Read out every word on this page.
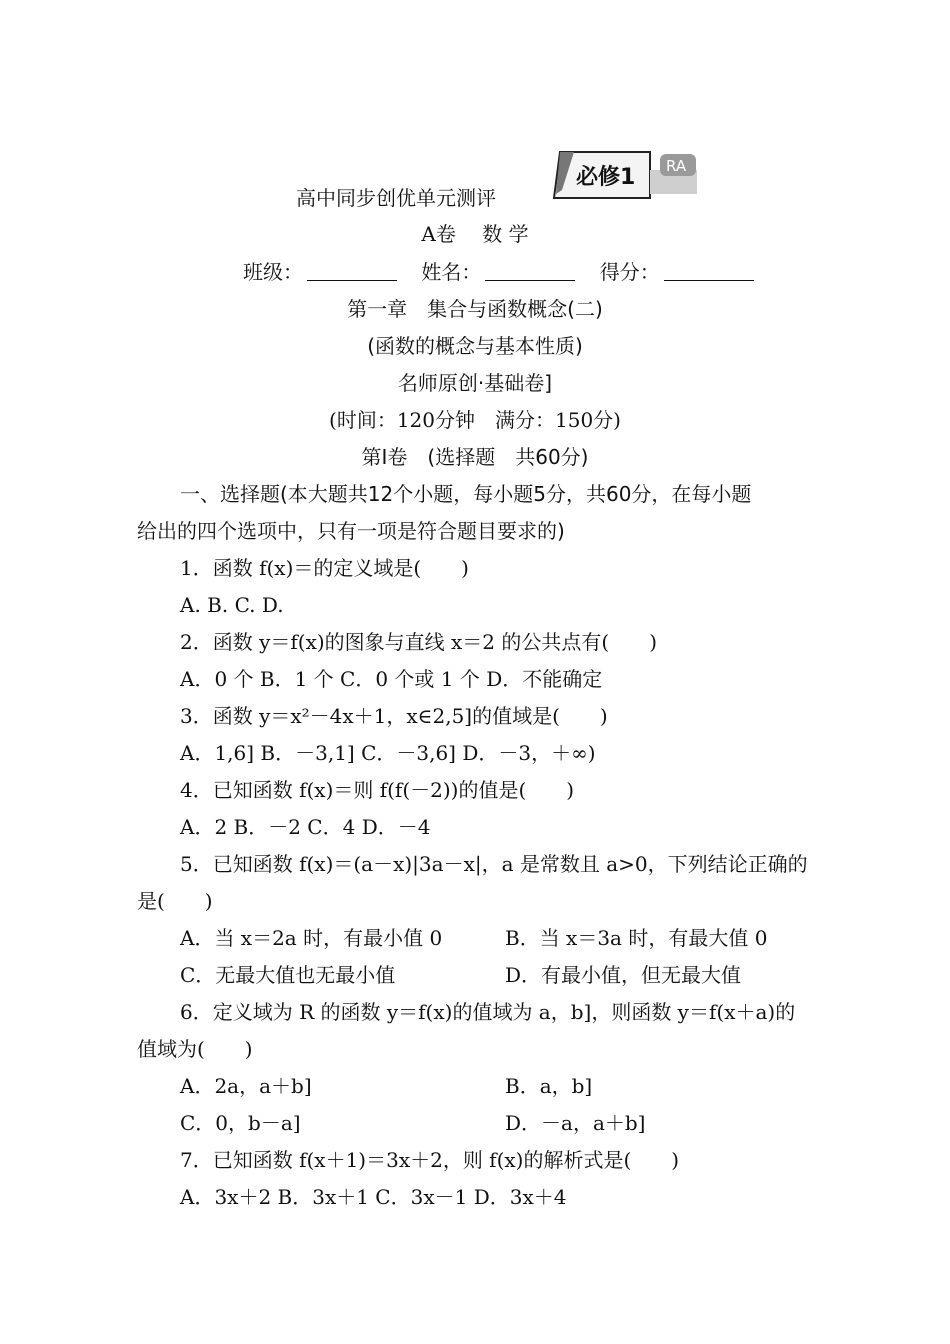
必修1 RA
高中同步创优单元测评
A卷　 数 学
班级：	姓名：	得分：
第一章　集合与函数概念(二)
(函数的概念与基本性质)
名师原创·基础卷]
(时间：120分钟　满分：150分)
第Ⅰ卷　(选择题　共60分)
一、选择题(本大题共12个小题，每小题5分，共60分，在每小题
给出的四个选项中，只有一项是符合题目要求的)
1．函数 f(x)＝的定义域是(　　)
A. B. C. D.
2．函数 y＝f(x)的图象与直线 x＝2 的公共点有(　　)
A．0 个 B．1 个 C．0 个或 1 个 D．不能确定
3．函数 y＝x²－4x＋1，x∈2,5]的值域是(　　)
A．1,6] B．－3,1] C．－3,6] D．－3，＋∞)
4．已知函数 f(x)＝则 f(f(－2))的值是(　　)
A．2 B．－2 C．4 D．－4
5．已知函数 f(x)＝(a－x)|3a－x|，a 是常数且 a>0，下列结论正确的
是(　　)
A．当 x＝2a 时，有最小值 0	B．当 x＝3a 时，有最大值 0
C．无最大值也无最小值	D．有最小值，但无最大值
6．定义域为 R 的函数 y＝f(x)的值域为 a，b]，则函数 y＝f(x＋a)的
值域为(　　)
A．2a，a＋b]	B．a，b]
C．0，b－a]	D．－a，a＋b]
7．已知函数 f(x＋1)＝3x＋2，则 f(x)的解析式是(　　)
A．3x＋2 B．3x＋1 C．3x－1 D．3x＋4
